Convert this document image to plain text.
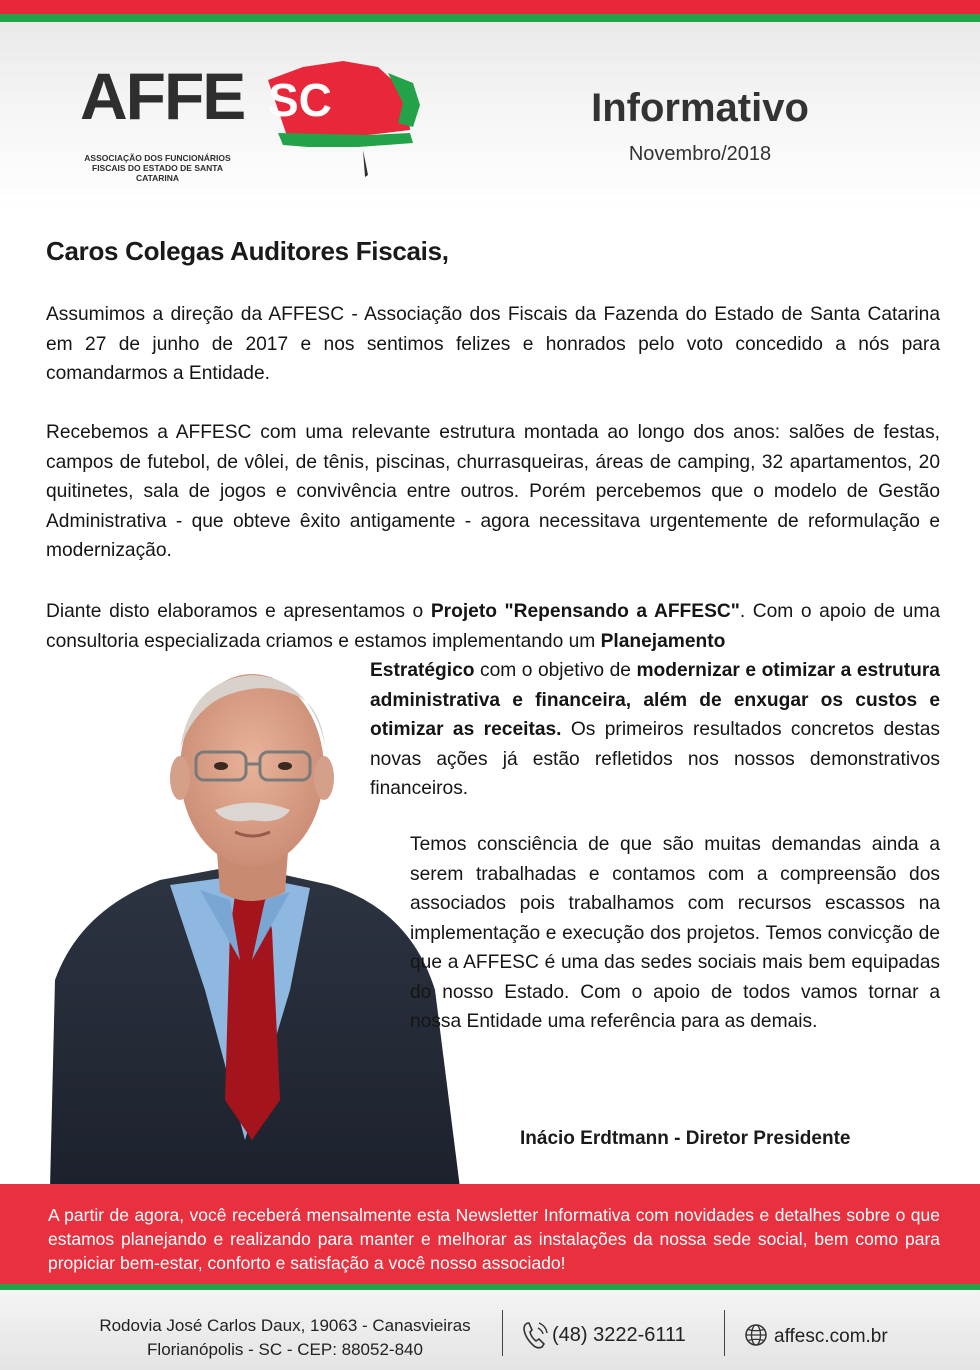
AFFE SC
ASSOCIAÇÃO DOS FUNCIONÁRIOS FISCAIS DO ESTADO DE SANTA CATARINA
Informativo
Novembro/2018
Caros Colegas Auditores Fiscais,
Assumimos a direção da AFFESC - Associação dos Fiscais da Fazenda do Estado de Santa Catarina em 27 de junho de 2017 e nos sentimos felizes e honrados pelo voto concedido a nós para comandarmos a Entidade.
Recebemos a AFFESC com uma relevante estrutura montada ao longo dos anos: salões de festas, campos de futebol, de vôlei, de tênis, piscinas, churrasqueiras, áreas de camping, 32 apartamentos, 20 quitinetes, sala de jogos e convivência entre outros. Porém percebemos que o modelo de Gestão Administrativa - que obteve êxito antigamente - agora necessitava urgentemente de reformulação e modernização.
Diante disto elaboramos e apresentamos o Projeto "Repensando a AFFESC". Com o apoio de uma consultoria especializada criamos e estamos implementando um Planejamento
Estratégico com o objetivo de modernizar e otimizar a estrutura administrativa e financeira, além de enxugar os custos e otimizar as receitas. Os primeiros resultados concretos destas novas ações já estão refletidos nos nossos demonstrativos financeiros.
Temos consciência de que são muitas demandas ainda a serem trabalhadas e contamos com a compreensão dos associados pois trabalhamos com recursos escassos na implementação e execução dos projetos. Temos convicção de que a AFFESC é uma das sedes sociais mais bem equipadas do nosso Estado. Com o apoio de todos vamos tornar a nossa Entidade uma referência para as demais.
Inácio Erdtmann - Diretor Presidente
A partir de agora, você receberá mensalmente esta Newsletter Informativa com novidades e detalhes sobre o que estamos planejando e realizando para manter e melhorar as instalações da nossa sede social, bem como para propiciar bem-estar, conforto e satisfação a você nosso associado!
Rodovia José Carlos Daux, 19063 - Canasvieiras
Florianópolis - SC - CEP: 88052-840
(48) 3222-6111	affesc.com.br
